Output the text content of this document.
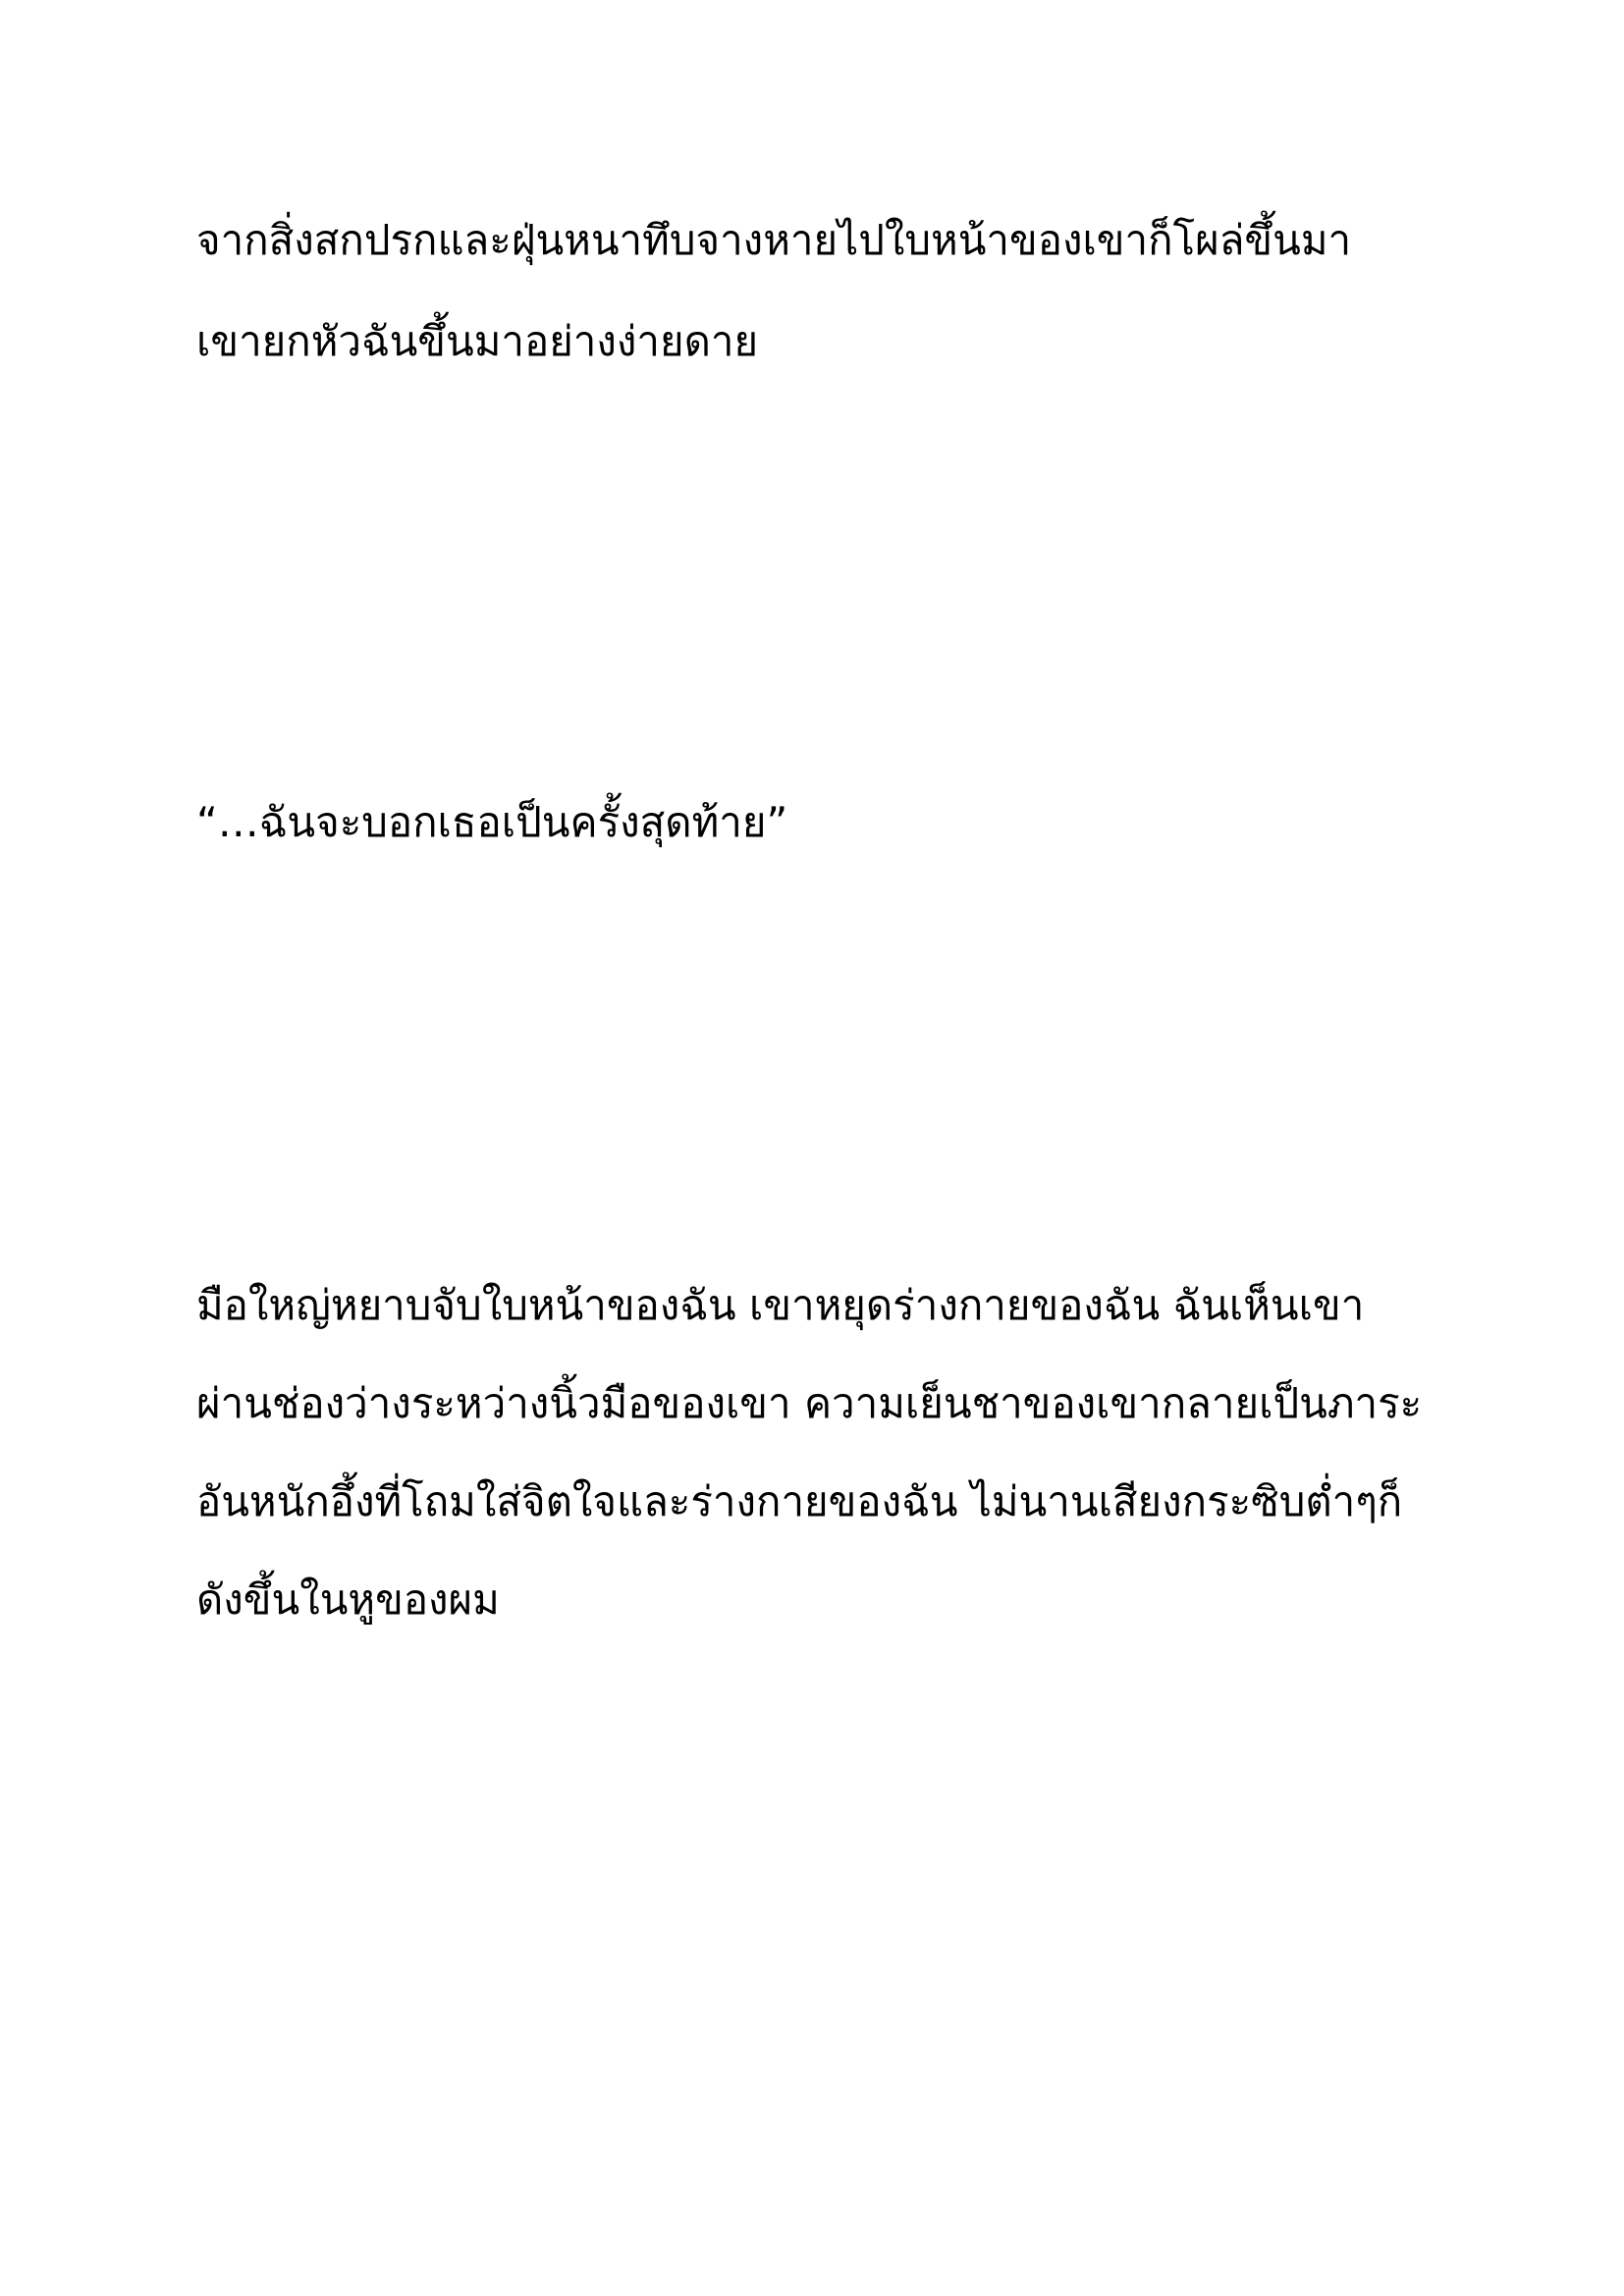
จากสิ่งสกปรกและฝุ่นหนาทึบจางหายไปใบหน้าของเขาก็โผล่ขึ้นมา

เขายกหัวฉันขึ้นมาอย่างง่ายดาย

“…ฉันจะบอกเธอเป็นครั้งสุดท้าย”

มือใหญ่หยาบจับใบหน้าของฉัน เขาหยุดร่างกายของฉัน ฉันเห็นเขา

ผ่านช่องว่างระหว่างนิ้วมือของเขา ความเย็นชาของเขากลายเป็นภาระ

อันหนักอึ้งที่โถมใส่จิตใจและร่างกายของฉัน ไม่นานเสียงกระซิบต่ำๆก็

ดังขึ้นในหูของผม
